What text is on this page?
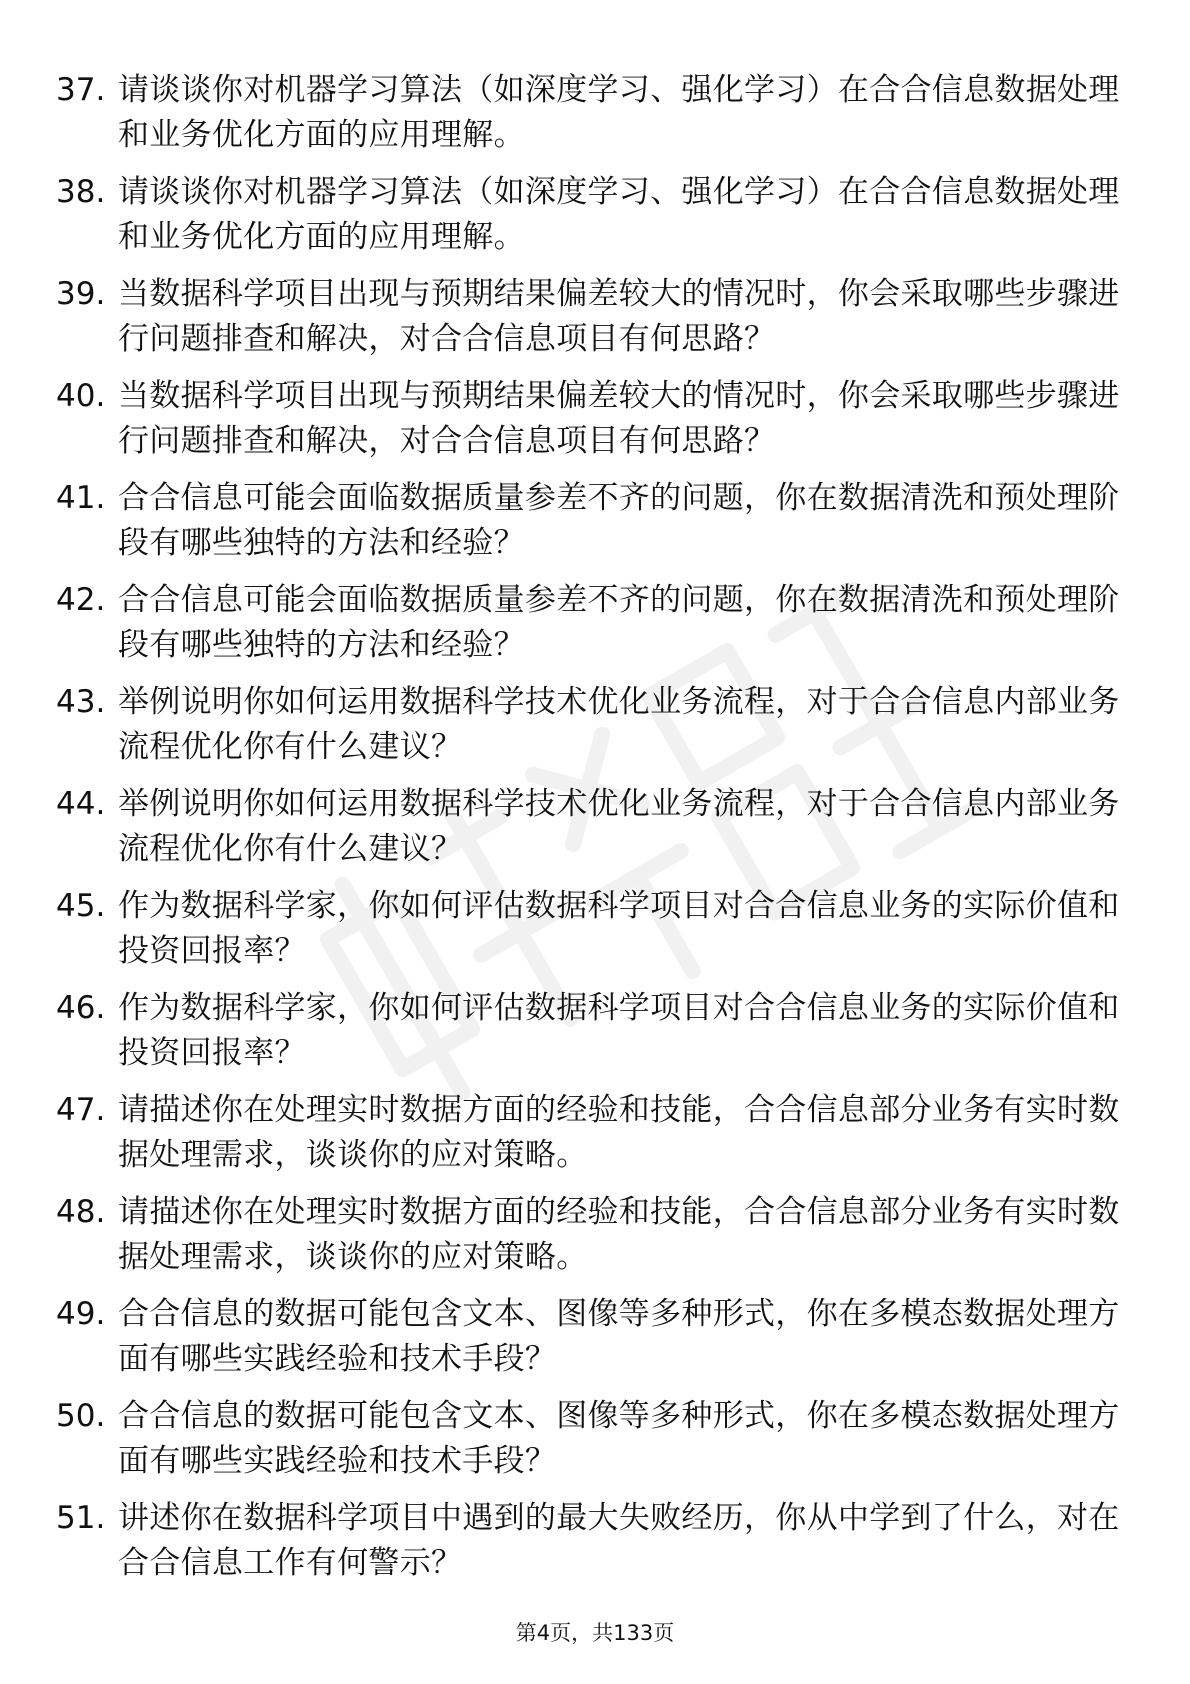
37. 请谈谈你对机器学习算法（如深度学习、强化学习）在合合信息数据处理和业务优化方面的应用理解。
38. 请谈谈你对机器学习算法（如深度学习、强化学习）在合合信息数据处理和业务优化方面的应用理解。
39. 当数据科学项目出现与预期结果偏差较大的情况时，你会采取哪些步骤进行问题排查和解决，对合合信息项目有何思路？
40. 当数据科学项目出现与预期结果偏差较大的情况时，你会采取哪些步骤进行问题排查和解决，对合合信息项目有何思路？
41. 合合信息可能会面临数据质量参差不齐的问题，你在数据清洗和预处理阶段有哪些独特的方法和经验？
42. 合合信息可能会面临数据质量参差不齐的问题，你在数据清洗和预处理阶段有哪些独特的方法和经验？
43. 举例说明你如何运用数据科学技术优化业务流程，对于合合信息内部业务流程优化你有什么建议？
44. 举例说明你如何运用数据科学技术优化业务流程，对于合合信息内部业务流程优化你有什么建议？
45. 作为数据科学家，你如何评估数据科学项目对合合信息业务的实际价值和投资回报率？
46. 作为数据科学家，你如何评估数据科学项目对合合信息业务的实际价值和投资回报率？
47. 请描述你在处理实时数据方面的经验和技能，合合信息部分业务有实时数据处理需求，谈谈你的应对策略。
48. 请描述你在处理实时数据方面的经验和技能，合合信息部分业务有实时数据处理需求，谈谈你的应对策略。
49. 合合信息的数据可能包含文本、图像等多种形式，你在多模态数据处理方面有哪些实践经验和技术手段？
50. 合合信息的数据可能包含文本、图像等多种形式，你在多模态数据处理方面有哪些实践经验和技术手段？
51. 讲述你在数据科学项目中遇到的最大失败经历，你从中学到了什么，对在合合信息工作有何警示？
第4页，共133页
